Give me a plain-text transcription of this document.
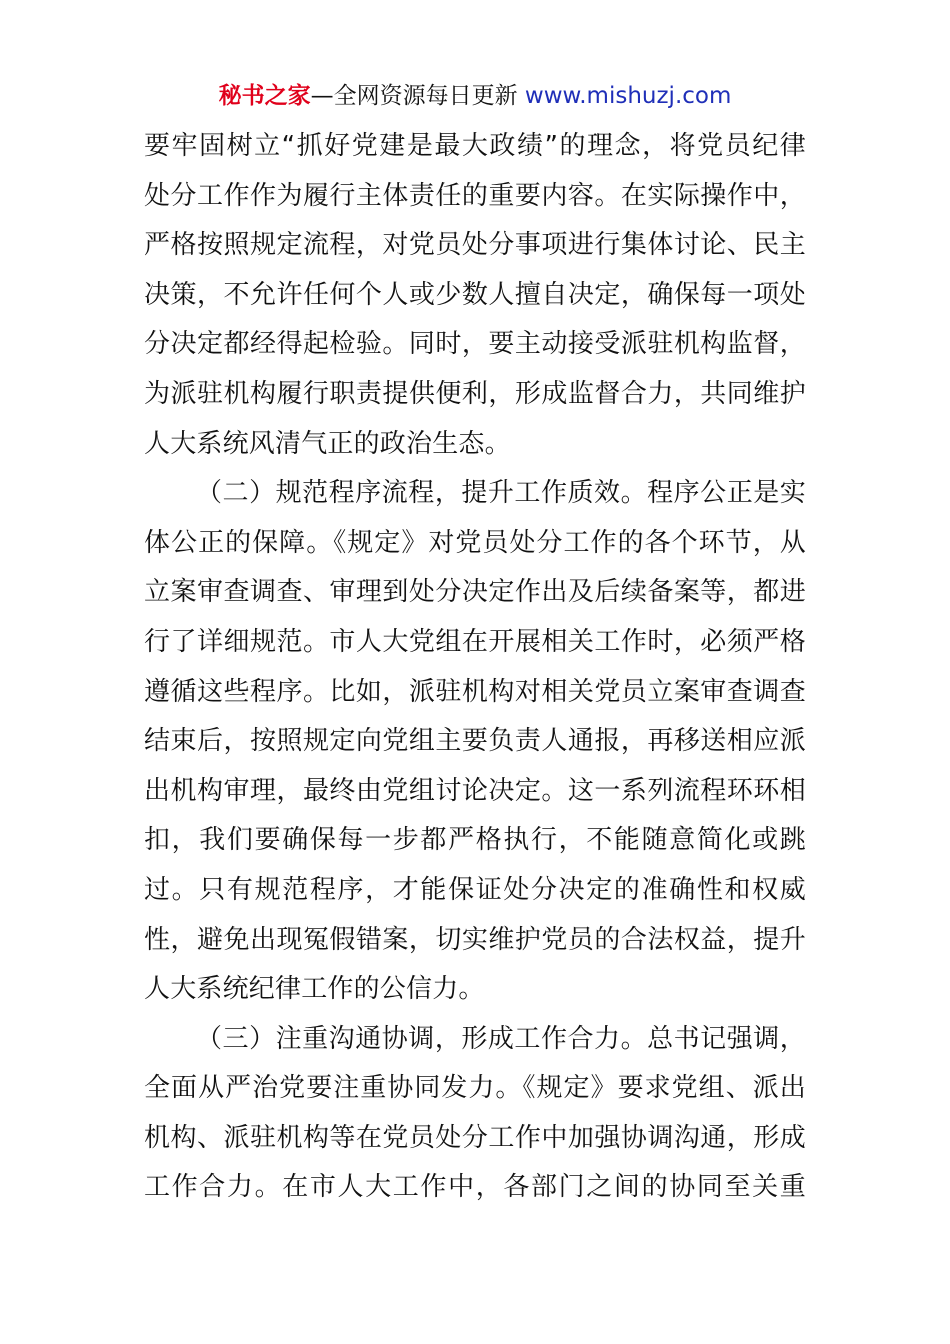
秘书之家—全网资源每日更新 www.mishuzj.com
要牢固树立“抓好党建是最大政绩”的理念，将党员纪律
处分工作作为履行主体责任的重要内容。在实际操作中，
严格按照规定流程，对党员处分事项进行集体讨论、民主
决策，不允许任何个人或少数人擅自决定，确保每一项处
分决定都经得起检验。同时，要主动接受派驻机构监督，
为派驻机构履行职责提供便利，形成监督合力，共同维护
人大系统风清气正的政治生态。
（二）规范程序流程，提升工作质效。程序公正是实
体公正的保障。《规定》对党员处分工作的各个环节，从
立案审查调查、审理到处分决定作出及后续备案等，都进
行了详细规范。市人大党组在开展相关工作时，必须严格
遵循这些程序。比如，派驻机构对相关党员立案审查调查
结束后，按照规定向党组主要负责人通报，再移送相应派
出机构审理，最终由党组讨论决定。这一系列流程环环相
扣，我们要确保每一步都严格执行，不能随意简化或跳
过。只有规范程序，才能保证处分决定的准确性和权威
性，避免出现冤假错案，切实维护党员的合法权益，提升
人大系统纪律工作的公信力。
（三）注重沟通协调，形成工作合力。总书记强调，
全面从严治党要注重协同发力。《规定》要求党组、派出
机构、派驻机构等在党员处分工作中加强协调沟通，形成
工作合力。在市人大工作中，各部门之间的协同至关重
